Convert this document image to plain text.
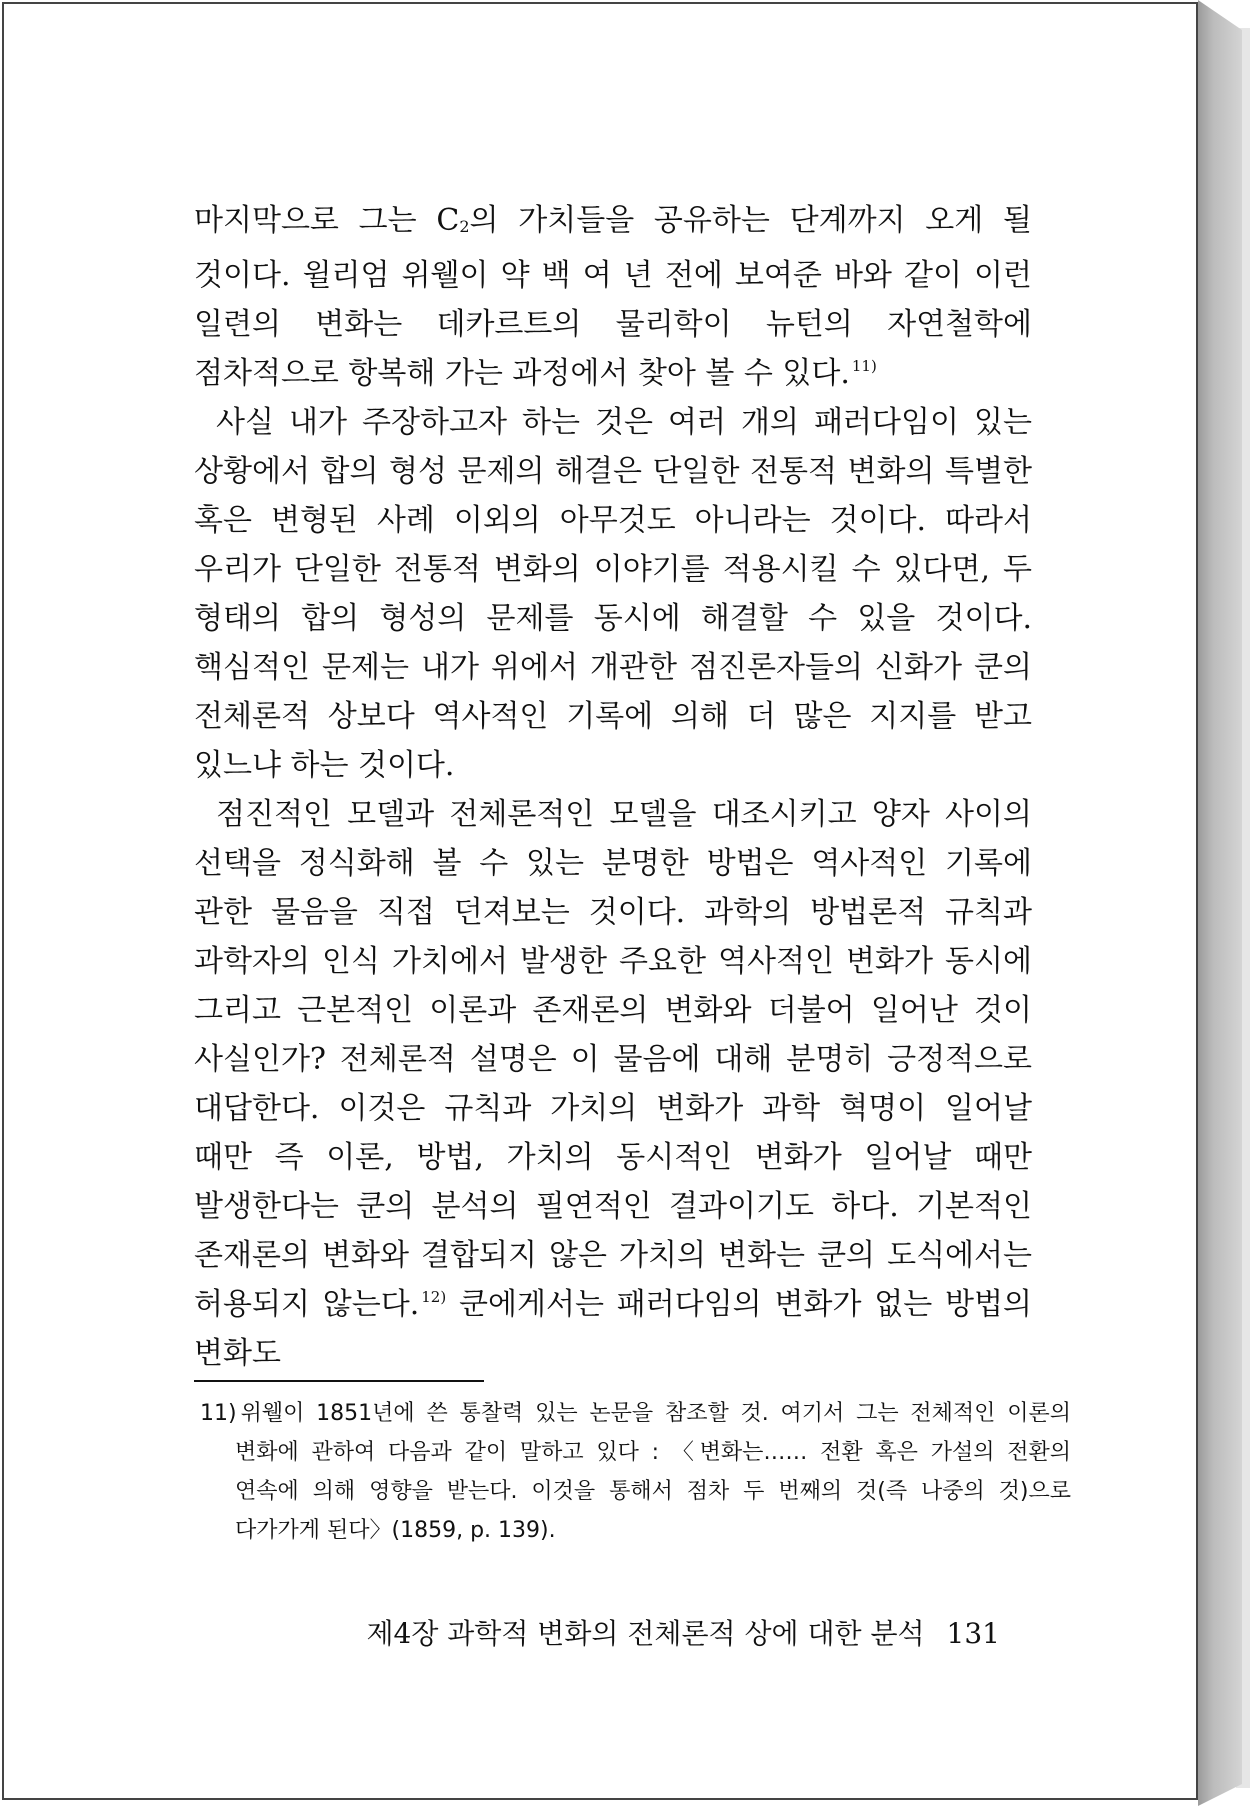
마지막으로 그는 $C_2$의 가치들을 공유하는 단계까지 오게 될 것이다. 윌리엄 위웰이 약 백 여 년 전에 보여준 바와 같이 이런 일련의 변화는 데카르트의 물리학이 뉴턴의 자연철학에 점차적으로 항복해 가는 과정에서 찾아 볼 수 있다. $^{11)}$

사실 내가 주장하고자 하는 것은 여러 개의 패러다임이 있는 상황에서 합의 형성 문제의 해결은 단일한 전통적 변화의 특별한 혹은 변형된 사례 이외의 아무것도 아니라는 것이다. 따라서 우리가 단일한 전통적 변화의 이야기를 적용시킬 수 있다면, 두 형태의 합의 형성의 문제를 동시에 해결할 수 있을 것이다. 핵심적인 문제는 내가 위에서 개관한 점진론자들의 신화가 쿤의 전체론적 상보다 역사적인 기록에 의해 더 많은 지지를 받고 있느냐 하는 것이다.

점진적인 모델과 전체론적인 모델을 대조시키고 양자 사이의 선택을 정식화해 볼 수 있는 분명한 방법은 역사적인 기록에 관한 물음을 직접 던져보는 것이다. 과학의 방법론적 규칙과 과학자의 인식 가치에서 발생한 주요한 역사적인 변화가 동시에 그리고 근본적인 이론과 존재론의 변화와 더불어 일어난 것이 사실인가? 전체론적 설명은 이 물음에 대해 분명히 긍정적으로 대답한다. 이것은 규칙과 가치의 변화가 과학 혁명이 일어날 때만 즉 이론, 방법, 가치의 동시적인 변화가 일어날 때만 발생한다는 쿤의 분석의 필연적인 결과이기도 하다. 기본적인 존재론의 변화와 결합되지 않은 가치의 변화는 쿤의 도식에서는 허용되지 않는다. $^{12)}$ 쿤에게서는 패러다임의 변화가 없는 방법의 변화도

11) 위웰이 1851년에 쓴 통찰력 있는 논문을 참조할 것. 여기서 그는 전체적인 이론의 변화에 관하여 다음과 같이 말하고 있다 : 〈변화는…… 전환 혹은 가설의 전환의 연속에 의해 영향을 받는다. 이것을 통해서 점차 두 번째의 것(즉 나중의 것)으로 다가가게 된다〉(1859, p. 139).
제4장 과학적 변화의 전체론적 상에 대한 분석 131
